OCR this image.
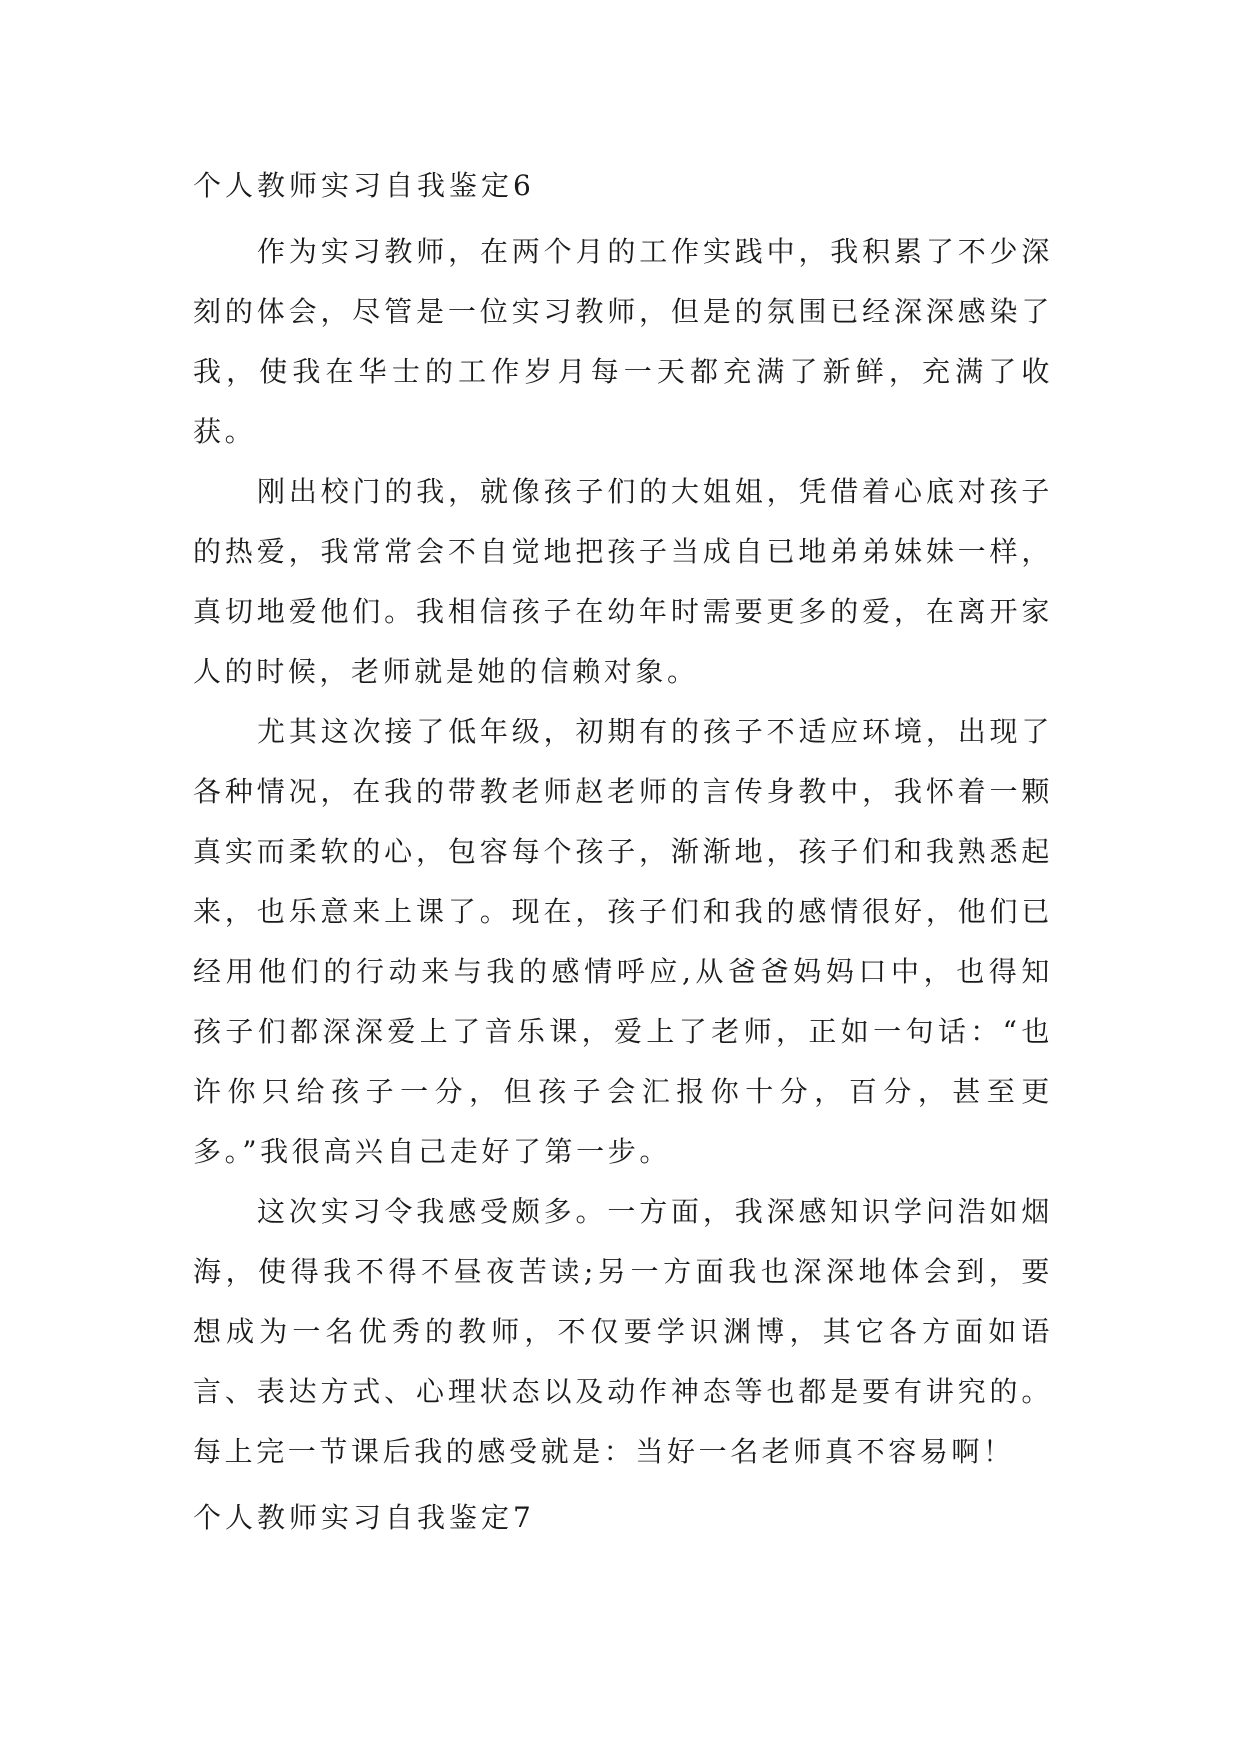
个人教师实习自我鉴定6

作为实习教师，在两个月的工作实践中，我积累了不少深刻的体会，尽管是一位实习教师，但是的氛围已经深深感染了我，使我在华士的工作岁月每一天都充满了新鲜，充满了收获。

刚出校门的我，就像孩子们的大姐姐，凭借着心底对孩子的热爱，我常常会不自觉地把孩子当成自已地弟弟妹妹一样，真切地爱他们。我相信孩子在幼年时需要更多的爱，在离开家人的时候，老师就是她的信赖对象。

尤其这次接了低年级，初期有的孩子不适应环境，出现了各种情况，在我的带教老师赵老师的言传身教中，我怀着一颗真实而柔软的心，包容每个孩子，渐渐地，孩子们和我熟悉起来，也乐意来上课了。现在，孩子们和我的感情很好，他们已经用他们的行动来与我的感情呼应,从爸爸妈妈口中，也得知孩子们都深深爱上了音乐课，爱上了老师，正如一句话：“也许你只给孩子一分，但孩子会汇报你十分，百分，甚至更多。”我很高兴自己走好了第一步。

这次实习令我感受颇多。一方面，我深感知识学问浩如烟海，使得我不得不昼夜苦读;另一方面我也深深地体会到，要想成为一名优秀的教师，不仅要学识渊博，其它各方面如语言、表达方式、心理状态以及动作神态等也都是要有讲究的。每上完一节课后我的感受就是：当好一名老师真不容易啊！

个人教师实习自我鉴定7
